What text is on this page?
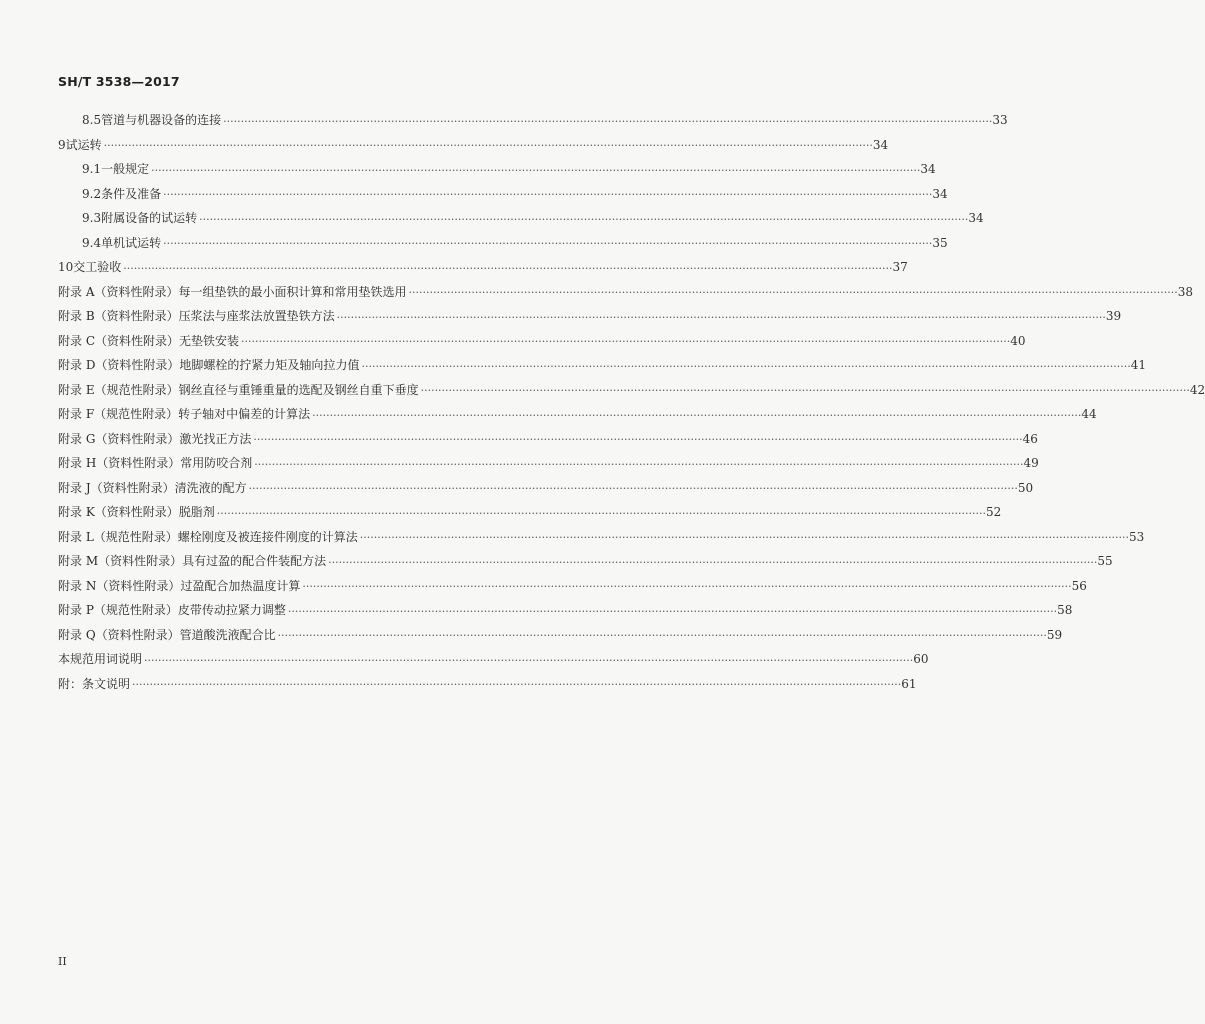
SH/T 3538—2017
8.5 管道与机器设备的连接 ···························································································································································································································· 33
9 试运转 ···························································································································································································································· 34
9.1 一般规定 ···························································································································································································································· 34
9.2 条件及准备 ···························································································································································································································· 34
9.3 附属设备的试运转 ···························································································································································································································· 34
9.4 单机试运转 ···························································································································································································································· 35
10 交工验收 ···························································································································································································································· 37
附录 A（资料性附录）每一组垫铁的最小面积计算和常用垫铁选用 ···························································································································································································································· 38
附录 B（资料性附录）压浆法与座浆法放置垫铁方法 ···························································································································································································································· 39
附录 C（资料性附录）无垫铁安装 ···························································································································································································································· 40
附录 D（资料性附录）地脚螺栓的拧紧力矩及轴向拉力值 ···························································································································································································································· 41
附录 E（规范性附录）钢丝直径与重锤重量的选配及钢丝自重下垂度 ···························································································································································································································· 42
附录 F（规范性附录）转子轴对中偏差的计算法 ···························································································································································································································· 44
附录 G（资料性附录）激光找正方法 ···························································································································································································································· 46
附录 H（资料性附录）常用防咬合剂 ···························································································································································································································· 49
附录 J（资料性附录）清洗液的配方 ···························································································································································································································· 50
附录 K（资料性附录）脱脂剂 ···························································································································································································································· 52
附录 L（规范性附录）螺栓刚度及被连接件刚度的计算法 ···························································································································································································································· 53
附录 M（资料性附录）具有过盈的配合件装配方法 ···························································································································································································································· 55
附录 N（资料性附录）过盈配合加热温度计算 ···························································································································································································································· 56
附录 P（规范性附录）皮带传动拉紧力调整 ···························································································································································································································· 58
附录 Q（资料性附录）管道酸洗液配合比 ···························································································································································································································· 59
本规范用词说明 ···························································································································································································································· 60
附：条文说明 ···························································································································································································································· 61
II
